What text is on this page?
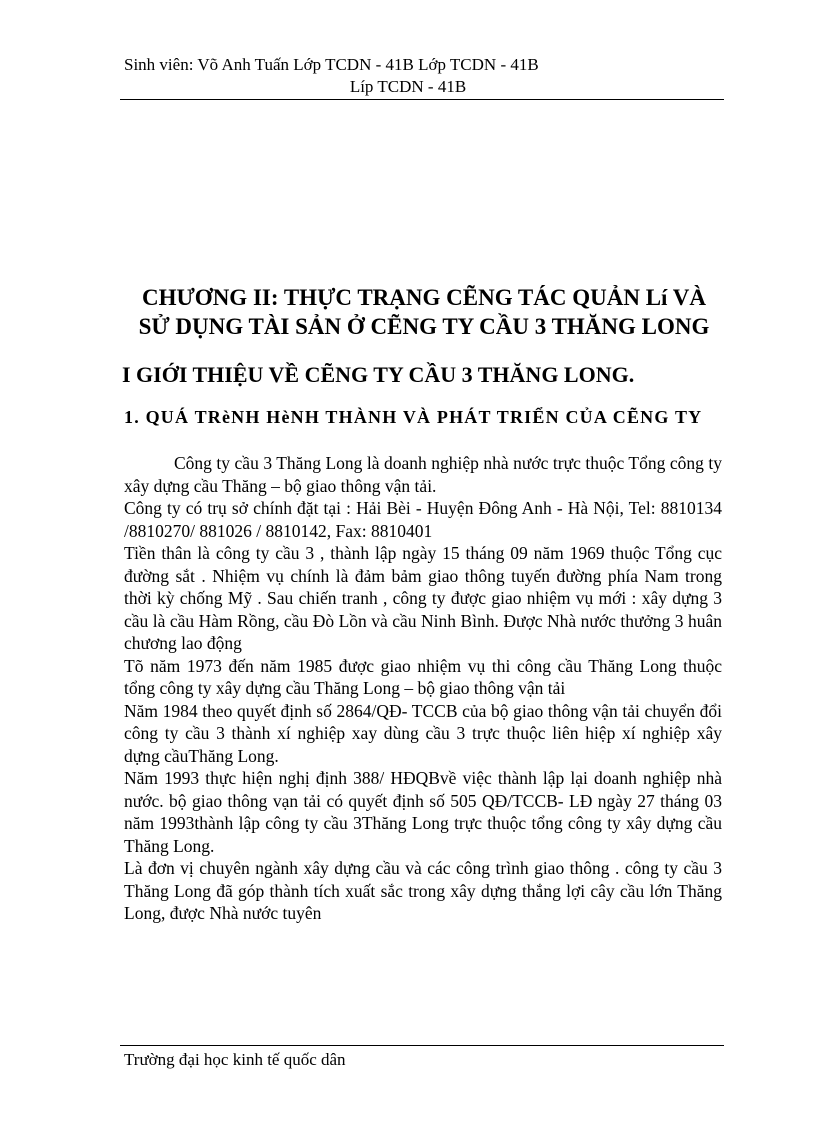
Sinh viên: Võ Anh Tuấn Lớp TCDN - 41B Lớp TCDN - 41B
Líp TCDN - 41B
CHƯƠNG II: THỰC TRẠNG CẼNG TÁC QUẢN Lí VÀ
SỬ DỤNG TÀI SẢN Ở CẼNG TY CẦU 3 THĂNG LONG
I GIỚI THIỆU VỀ CẼNG TY CẦU 3 THĂNG LONG.
1. QUÁ TRèNH HèNH THÀNH VÀ PHÁT TRIỂN CỦA CẼNG TY

Công ty cầu 3 Thăng Long là doanh nghiệp nhà nước trực thuộc Tổng công ty xây dựng cầu Thăng – bộ giao thông vận tải.

Công ty có trụ sở chính đặt tại : Hải Bèi - Huyện Đông Anh - Hà Nội, Tel: 8810134 /8810270/ 881026 / 8810142, Fax: 8810401

Tiền thân là công ty cầu 3 , thành lập ngày 15 tháng 09 năm 1969 thuộc Tổng cục đường sắt . Nhiệm vụ chính là đảm bảm giao thông tuyến đường phía Nam trong thời kỳ chống Mỹ . Sau chiến tranh , công ty được giao nhiệm vụ mới : xây dựng 3 cầu là cầu Hàm Rồng, cầu Đò Lồn và cầu Ninh Bình. Được Nhà nước thưởng 3 huân chương lao động

Tõ năm 1973 đến năm 1985 được giao nhiệm vụ thi công cầu Thăng Long thuộc tổng công ty xây dựng cầu Thăng Long – bộ giao thông vận tải

Năm 1984 theo quyết định số 2864/QĐ- TCCB của bộ giao thông vận tải chuyển đổi công ty cầu 3 thành xí nghiệp xay dùng cầu 3 trực thuộc liên hiệp xí nghiệp xây dựng cầuThăng Long.

Năm 1993 thực hiện nghị định 388/ HĐQBvề việc thành lập lại doanh nghiệp nhà nước. bộ giao thông vạn tải có quyết định số 505 QĐ/TCCB- LĐ ngày 27 tháng 03 năm 1993thành lập công ty cầu 3Thăng Long trực thuộc tổng công ty xây dựng cầu Thăng Long.

Là đơn vị chuyên ngành xây dựng cầu và các công trình giao thông . công ty cầu 3 Thăng Long đã góp thành tích xuất sắc trong xây dựng thắng lợi cây cầu lớn Thăng Long, được Nhà nước tuyên

Trường đại học kinh tế quốc dân
